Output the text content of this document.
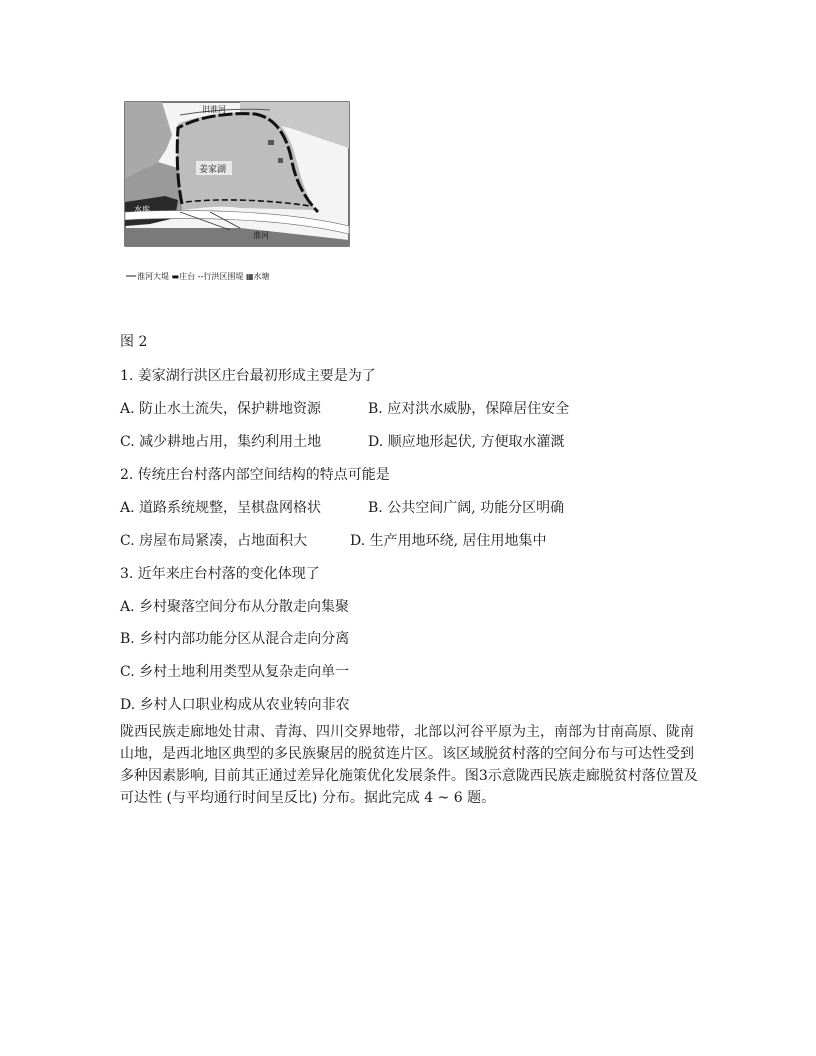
旧淮河
姜家湖
水库
淮河
淮河大堤 ▬庄台 --行洪区围堤 ▦水塘
图 2
1. 姜家湖行洪区庄台最初形成主要是为了
A. 防止水土流失，保护耕地资源	B. 应对洪水威胁，保障居住安全
C. 减少耕地占用，集约利用土地	D. 顺应地形起伏, 方便取水灌溉
2. 传统庄台村落内部空间结构的特点可能是
A. 道路系统规整，呈棋盘网格状	B. 公共空间广阔, 功能分区明确
C. 房屋布局紧凑，占地面积大	D. 生产用地环绕, 居住用地集中
3. 近年来庄台村落的变化体现了
A. 乡村聚落空间分布从分散走向集聚
B. 乡村内部功能分区从混合走向分离
C. 乡村土地利用类型从复杂走向单一
D. 乡村人口职业构成从农业转向非农
陇西民族走廊地处甘肃、青海、四川交界地带，北部以河谷平原为主，南部为甘南高原、陇南山地，是西北地区典型的多民族聚居的脱贫连片区。该区域脱贫村落的空间分布与可达性受到多种因素影响, 目前其正通过差异化施策优化发展条件。图3示意陇西民族走廊脱贫村落位置及可达性 (与平均通行时间呈反比) 分布。据此完成 4 ~ 6 题。
